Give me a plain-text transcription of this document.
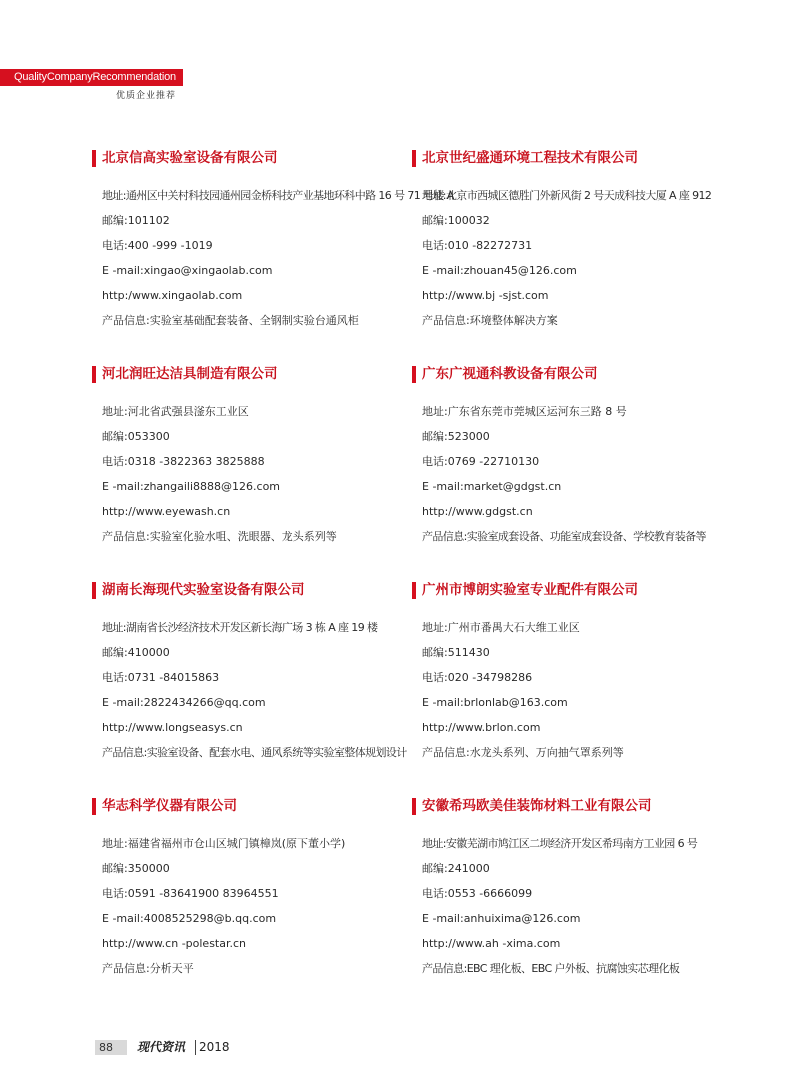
QualityCompanyRecommendation
优质企业推荐
北京信高实验室设备有限公司
地址:通州区中关村科技园通州园金桥科技产业基地环科中路 16 号 71 号楼 A
邮编:101102
电话:400 -999 -1019
E -mail:xingao@xingaolab.com
http:/www.xingaolab.com
产品信息:实验室基础配套装备、全钢制实验台通风柜
北京世纪盛通环境工程技术有限公司
地址:北京市西城区德胜门外新风街 2 号天成科技大厦 A 座 912
邮编:100032
电话:010 -82272731
E -mail:zhouan45@126.com
http://www.bj -sjst.com
产品信息:环境整体解决方案
河北润旺达洁具制造有限公司
地址:河北省武强县滏东工业区
邮编:053300
电话:0318 -3822363 3825888
E -mail:zhangaili8888@126.com
http://www.eyewash.cn
产品信息:实验室化验水咀、洗眼器、龙头系列等
广东广视通科教设备有限公司
地址:广东省东莞市莞城区运河东三路 8 号
邮编:523000
电话:0769 -22710130
E -mail:market@gdgst.cn
http://www.gdgst.cn
产品信息:实验室成套设备、功能室成套设备、学校教育装备等
湖南长海现代实验室设备有限公司
地址:湖南省长沙经济技术开发区新长海广场 3 栋 A 座 19 楼
邮编:410000
电话:0731 -84015863
E -mail:2822434266@qq.com
http://www.longseasys.cn
产品信息:实验室设备、配套水电、通风系统等实验室整体规划设计
广州市博朗实验室专业配件有限公司
地址:广州市番禺大石大维工业区
邮编:511430
电话:020 -34798286
E -mail:brlonlab@163.com
http://www.brlon.com
产品信息:水龙头系列、万向抽气罩系列等
华志科学仪器有限公司
地址:福建省福州市仓山区城门镇樟岚(原下董小学)
邮编:350000
电话:0591 -83641900 83964551
E -mail:4008525298@b.qq.com
http://www.cn -polestar.cn
产品信息:分析天平
安徽希玛欧美佳装饰材料工业有限公司
地址:安徽芜湖市鸠江区二坝经济开发区希玛南方工业园 6 号
邮编:241000
电话:0553 -6666099
E -mail:anhuixima@126.com
http://www.ah -xima.com
产品信息:EBC 理化板、EBC 户外板、抗腐蚀实芯理化板
88	现代资讯	2018
